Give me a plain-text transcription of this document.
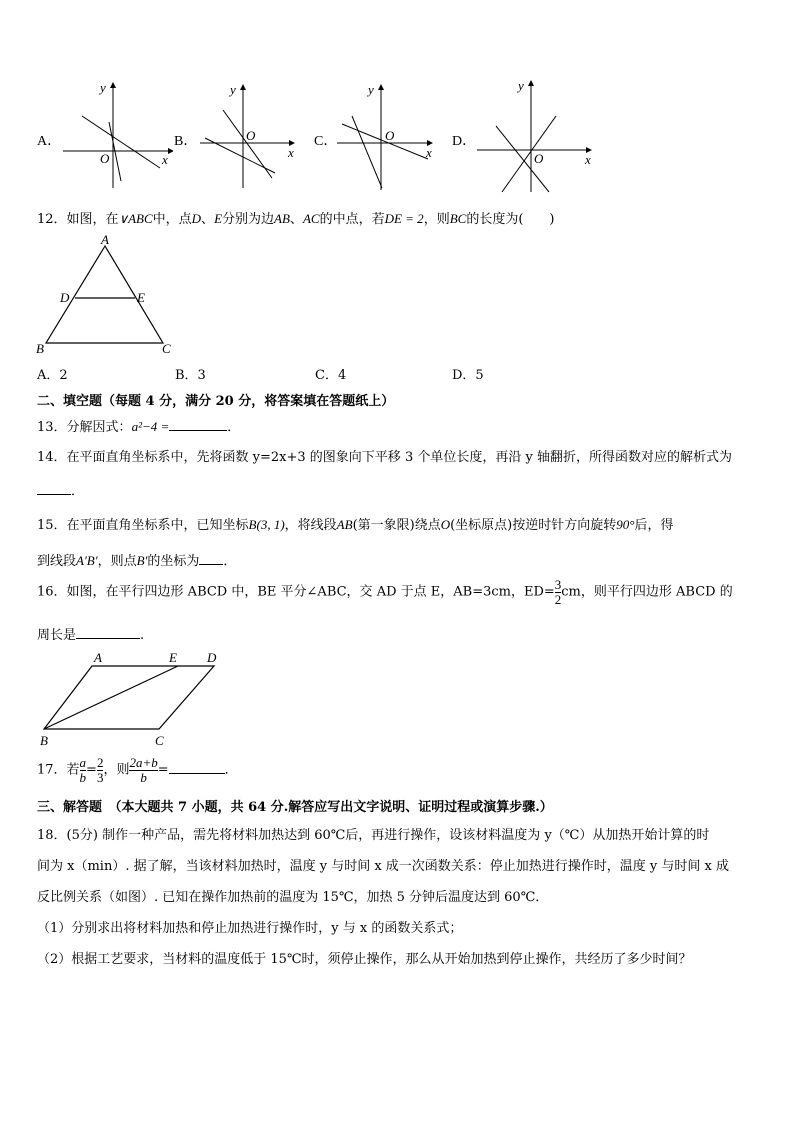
A．
y
x
O
B．
y
x
O	C．
y
x
O	D．
y
x
O
12．如图，在∨ABC中，点D、E分别为边AB、AC的中点，若DE = 2，则BC的长度为(　　)
A
D	E
B	C
A．2	B．3	C．4	D．5
二、填空题（每题 4 分，满分 20 分，将答案填在答题纸上）
13．分解因式：a²−4 =	．
14．在平面直角坐标系中，先将函数 y=2x+3 的图象向下平移 3 个单位长度，再沿 y 轴翻折，所得函数对应的解析式为
．
15．在平面直角坐标系中，已知坐标B(3, 1)，将线段AB(第一象限)绕点O(坐标原点)按逆时针方向旋转90°后，得
到线段A′B′，则点B′的坐标为 ．
16．如图，在平行四边形 ABCD 中，BE 平分∠ABC，交 AD 于点 E，AB=3cm，$ED= \frac{3}{2}$ cm，则平行四边形 ABCD 的
周长是	.
A	E D
B	C
17．若 $\frac{a}{b} = \frac{2}{3}$ ，则 $\frac{2a+b}{b}$ =	．
三、解答题　（本大题共 7 小题，共 64 分.解答应写出文字说明、证明过程或演算步骤.）
18．(5分) 制作一种产品，需先将材料加热达到 60℃后，再进行操作，设该材料温度为 y（℃）从加热开始计算的时
间为 x（min）. 据了解，当该材料加热时，温度 y 与时间 x 成一次函数关系：停止加热进行操作时，温度 y 与时间 x 成
反比例关系（如图）. 已知在操作加热前的温度为 15℃，加热 5 分钟后温度达到 60℃．
（1）分别求出将材料加热和停止加热进行操作时，y 与 x 的函数关系式；
（2）根据工艺要求，当材料的温度低于 15℃时，须停止操作，那么从开始加热到停止操作，共经历了多少时间？
